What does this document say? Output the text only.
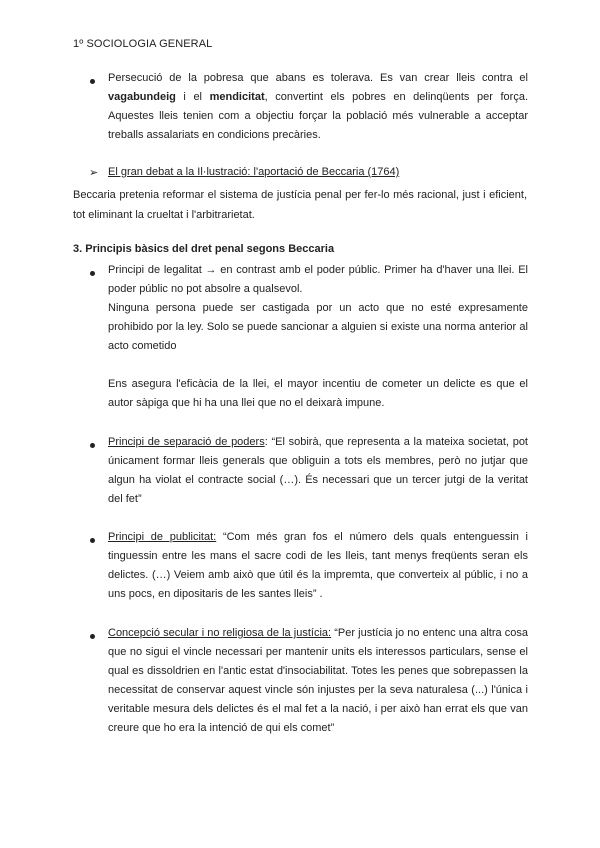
1º SOCIOLOGIA GENERAL

Persecució de la pobresa que abans es tolerava. Es van crear lleis contra el vagabundeig i el mendicitat, convertint els pobres en delinqüents per força. Aquestes lleis tenien com a objectiu forçar la població més vulnerable a acceptar treballs assalariats en condicions precàries.

➢ El gran debat a la Il·lustració: l'aportació de Beccaria (1764)
Beccaria pretenia reformar el sistema de justícia penal per fer-lo més racional, just i eficient, tot eliminant la crueltat i l'arbitrarietat.
3. Principis bàsics del dret penal segons Beccaria

Principi de legalitat → en contrast amb el poder públic. Primer ha d'haver una llei. El poder públic no pot absolre a qualsevol.

Ninguna persona puede ser castigada por un acto que no esté expresamente prohibido por la ley. Solo se puede sancionar a alguien si existe una norma anterior al acto cometido

Ens asegura l'eficàcia de la llei, el mayor incentiu de cometer un delicte es que el autor sàpiga que hi ha una llei que no el deixarà impune.

Principi de separació de poders: “El sobirà, que representa a la mateixa societat, pot únicament formar lleis generals que obliguin a tots els membres, però no jutjar que algun ha violat el contracte social (…). És necessari que un tercer jutgi de la veritat del fet”

Principi de publicitat: “Com més gran fos el número dels quals entenguessin i tinguessin entre les mans el sacre codi de les lleis, tant menys freqüents seran els delictes. (…) Veiem amb això que útil és la impremta, que converteix al públic, i no a uns pocs, en dipositaris de les santes lleis” .

Concepció secular i no religiosa de la justícia: “Per justícia jo no entenc una altra cosa que no sigui el vincle necessari per mantenir units els interessos particulars, sense el qual es dissoldrien en l'antic estat d'insociabilitat. Totes les penes que sobrepassen la necessitat de conservar aquest vincle són injustes per la seva naturalesa (...) l'única i veritable mesura dels delictes és el mal fet a la nació, i per això han errat els que van creure que ho era la intenció de qui els comet”
